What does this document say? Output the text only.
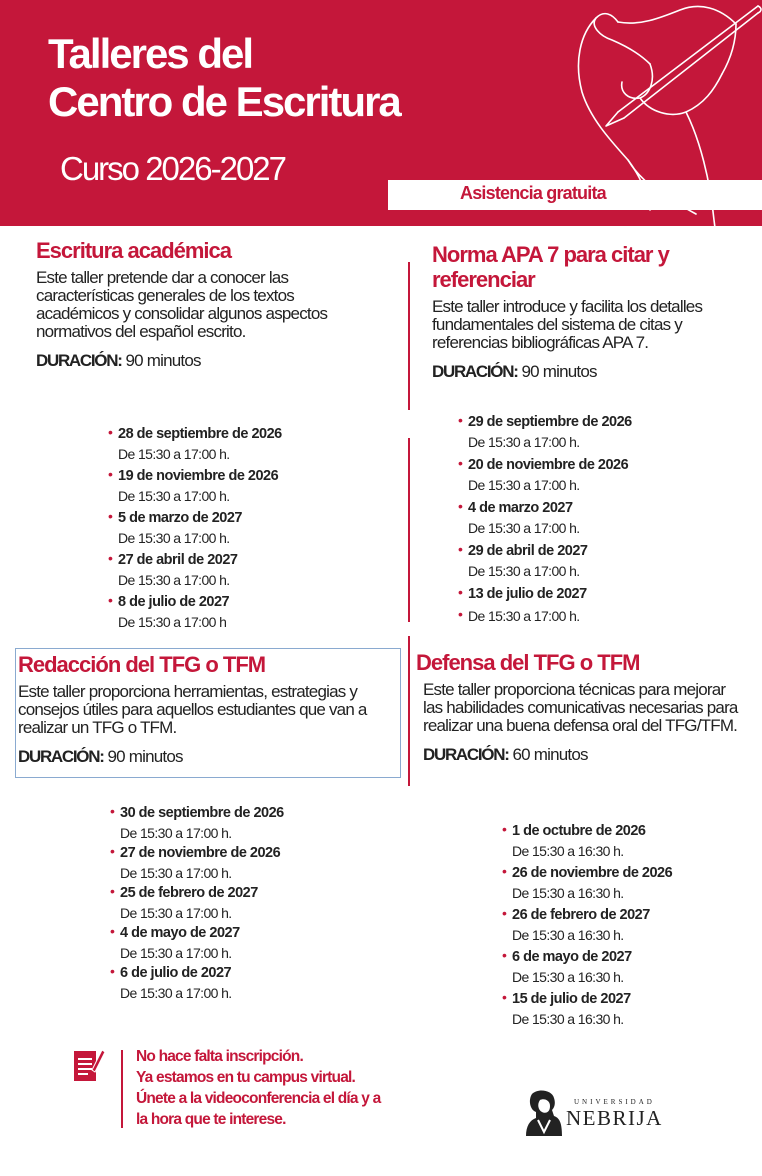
Talleres del
Centro de Escritura
Curso 2026-2027
Asistencia gratuita
Escritura académica

Este taller pretende dar a conocer las características generales de los textos académicos y consolidar algunos aspectos normativos del español escrito.

DURACIÓN: 90 minutos
• 28 de septiembre de 2026
De 15:30 a 17:00 h.
• 19 de noviembre de 2026
De 15:30 a 17:00 h.
• 5 de marzo de 2027
De 15:30 a 17:00 h.
• 27 de abril de 2027
De 15:30 a 17:00 h.
• 8 de julio de 2027
De 15:30 a 17:00 h
Norma APA 7 para citar y
referenciar

Este taller introduce y facilita los detalles fundamentales del sistema de citas y referencias bibliográficas APA 7.

DURACIÓN: 90 minutos
• 29 de septiembre de 2026
De 15:30 a 17:00 h.
• 20 de noviembre de 2026
De 15:30 a 17:00 h.
• 4 de marzo 2027
De 15:30 a 17:00 h.
• 29 de abril de 2027
De 15:30 a 17:00 h.
• 13 de julio de 2027
• De 15:30 a 17:00 h.
Redacción del TFG o TFM

Este taller proporciona herramientas, estrategias y consejos útiles para aquellos estudiantes que van a realizar un TFG o TFM.

DURACIÓN: 90 minutos
• 30 de septiembre de 2026
De 15:30 a 17:00 h.
• 27 de noviembre de 2026
De 15:30 a 17:00 h.
• 25 de febrero de 2027
De 15:30 a 17:00 h.
• 4 de mayo de 2027
De 15:30 a 17:00 h.
• 6 de julio de 2027
De 15:30 a 17:00 h.
Defensa del TFG o TFM

Este taller proporciona técnicas para mejorar las habilidades comunicativas necesarias para realizar una buena defensa oral del TFG/TFM.

DURACIÓN: 60 minutos
• 1 de octubre de 2026
De 15:30 a 16:30 h.
• 26 de noviembre de 2026
De 15:30 a 16:30 h.
• 26 de febrero de 2027
De 15:30 a 16:30 h.
• 6 de mayo de 2027
De 15:30 a 16:30 h.
• 15 de julio de 2027
De 15:30 a 16:30 h.
No hace falta inscripción.
Ya estamos en tu campus virtual.
Únete a la videoconferencia el día y a
la hora que te interese.
UNIVERSIDAD
NEBRIJA
